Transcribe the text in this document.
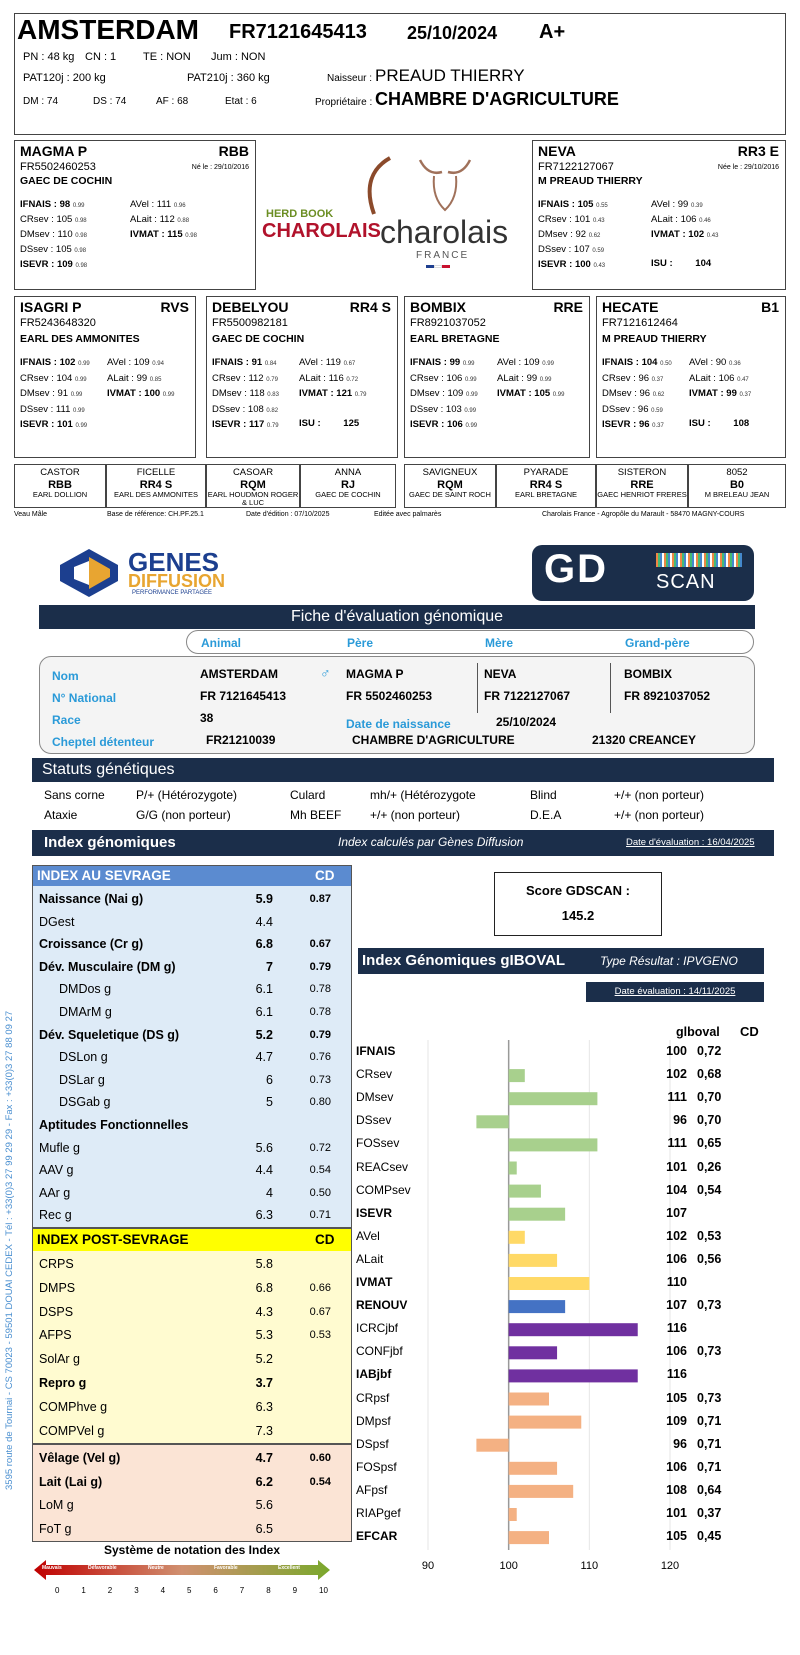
AMSTERDAM FR7121645413 25/10/2024 A+
PN : 48 kg CN : 1 TE : NON Jum : NON
PAT120j : 200 kg	PAT210j : 360 kg	Naisseur : PREAUD THIERRY
DM : 74	DS : 74	AF : 68	Etat : 6	Propriétaire : CHAMBRE D'AGRICULTURE
MAGMA P	RBB
FR5502460253	Né le : 29/10/2016
GAEC DE COCHIN
IFNAIS : 98 0.99
CRsev : 105 0.98
DMsev : 110 0.98
DSsev : 105 0.98
ISEVR : 109 0.98
AVel : 111 0.96
ALait : 112 0.88
IVMAT : 115 0.98
HERD BOOK
CHAROLAIS charolais
FRANCE
NEVA	RR3 E
FR7122127067	Née le : 29/10/2016
M PREAUD THIERRY
IFNAIS : 105 0.55
CRsev : 101 0.43
DMsev : 92 0.62
DSsev : 107 0.59
ISEVR : 100 0.43
AVel : 99 0.39
ALait : 106 0.46
IVMAT : 102 0.43

ISU : 104
ISAGRI P	RVS
FR5243648320
EARL DES AMMONITES
IFNAIS : 102 0.99
CRsev : 104 0.99
DMsev : 91 0.99
DSsev : 111 0.99
ISEVR : 101 0.99
AVel : 109 0.94
ALait : 99 0.85
IVMAT : 100 0.99

DEBELYOU	RR4 S
FR5500982181
GAEC DE COCHIN
IFNAIS : 91 0.84
CRsev : 112 0.79
DMsev : 118 0.83
DSsev : 108 0.82
ISEVR : 117 0.79
AVel : 119 0.67
ALait : 116 0.72
IVMAT : 121 0.79

ISU : 125
BOMBIX	RRE
FR8921037052
EARL BRETAGNE
IFNAIS : 99 0.99
CRsev : 106 0.99
DMsev : 109 0.99
DSsev : 103 0.99
ISEVR : 106 0.99
AVel : 109 0.99
ALait : 99 0.99
IVMAT : 105 0.99

HECATE	B1
FR7121612464
M PREAUD THIERRY
IFNAIS : 104 0.50
CRsev : 96 0.37
DMsev : 96 0.62
DSsev : 96 0.59
ISEVR : 96 0.37
AVel : 90 0.36
ALait : 106 0.47
IVMAT : 99 0.37

ISU : 108
CASTOR
RBB
EARL DOLLION
FICELLE
RR4 S
EARL DES AMMONITES
CASOAR
RQM
EARL HOUDMON ROGER & LUC
ANNA
RJ
GAEC DE COCHIN
SAVIGNEUX
RQM
GAEC DE SAINT ROCH
PYARADE
RR4 S
EARL BRETAGNE
SISTERON
RRE
GAEC HENRIOT FRERES
8052
B0
M BRELEAU JEAN
Veau Mâle	Base de référence: CH.PF.25.1	Date d'édition : 07/10/2025	Editée avec palmarès	Charolais France - Agropôle du Marault - 58470 MAGNY-COURS
GENES
DIFFUSION
PERFORMANCE PARTAGÉE
GD SCAN
Fiche d'évaluation génomique
Animal	Père	Mère	Grand-père
Nom	AMSTERDAM	♂ MAGMA P	NEVA	BOMBIX
N° National	FR 7121645413	FR 5502460253	FR 7122127067	FR 8921037052
Race	38	Date de naissance	25/10/2024
Cheptel détenteur	FR21210039	CHAMBRE D'AGRICULTURE	21320 CREANCEY
Statuts génétiques
Sans corne	P/+ (Hétérozygote)	Culard	mh/+ (Hétérozygote	Blind	+/+ (non porteur)
Ataxie	G/G (non porteur)	Mh BEEF +/+ (non porteur)	D.E.A	+/+ (non porteur)
Index génomiques	Index calculés par Gènes Diffusion	Date d'évaluation : 16/04/2025
3595 route de Tournai - CS 70023 - 59501 DOUAI CEDEX - Tél : +33(0)3 27 99 29 29 - Fax : +33(0)3 27 88 09 27
INDEX AU SEVRAGE	CD
Naissance (Nai g)	5.9	0.87
DGest	4.4
Croissance (Cr g)	6.8	0.67
Dév. Musculaire (DM g)	7	0.79
DMDos g	6.1	0.78
DMArM g	6.1	0.78
Dév. Squeletique (DS g)	5.2	0.79
DSLon g	4.7	0.76
DSLar g	6	0.73
DSGab g	5	0.80
Aptitudes Fonctionnelles
Mufle g	5.6	0.72
AAV g	4.4	0.54
AAr g	4	0.50
Rec g	6.3	0.71
INDEX POST-SEVRAGE	CD
CRPS	5.8
DMPS	6.8	0.66
DSPS	4.3	0.67
AFPS	5.3	0.53
SolAr g	5.2
Repro g	3.7
COMPhve g	6.3
COMPVel g	7.3
Vêlage (Vel g)	4.7	0.60
Lait (Lai g)	6.2	0.54
LoM g	5.6
FoT g	6.5
Système de notation des Index
Mauvais	Défavorable	Neutre	Favorable	Excellent
0	1	2	3	4	5	6	7	8	9	10
Score GDSCAN :
145.2
Index Génomiques gIBOVAL	Type Résultat : IPVGENO
Date évaluation : 14/11/2025
glboval CD
IFNAIS	100 0,72
CRsev	102 0,68
DMsev	111 0,70
DSsev	96 0,70
FOSsev	111 0,65
REACsev	101 0,26
COMPsev	104 0,54
ISEVR	107
AVel	102 0,53
ALait	106 0,56
IVMAT	110
RENOUV	107 0,73
ICRCjbf	116
CONFjbf	106 0,73
IABjbf	116
CRpsf	105 0,73
DMpsf	109 0,71
DSpsf	96 0,71
FOSpsf	106 0,71
AFpsf	108 0,64
RIAPgef	101 0,37
EFCAR	105 0,45
90	100	110	120
